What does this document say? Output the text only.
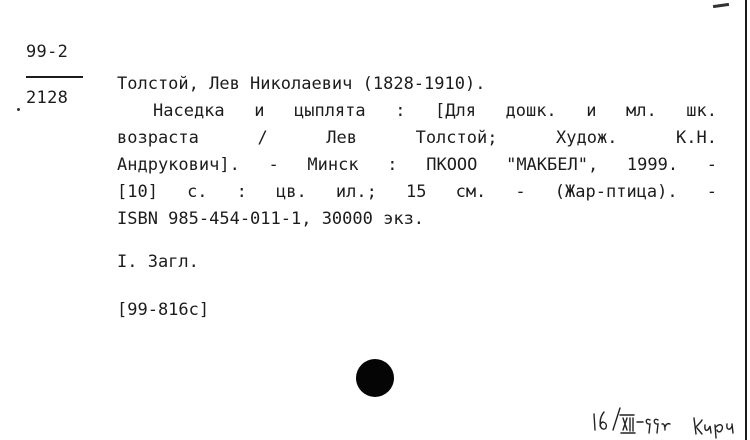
99-2
2128
Толстой, Лев Николаевич (1828-1910).
Наседка и цыплята : [Для дошк. и мл. шк.
возраста / Лев Толстой; Худож. К.Н.
Андрукович]. - Минск : ПКООО "МАКБЕЛ", 1999. -
[10] с. : цв. ил.; 15 см. - (Жар-птица). -
ISBN 985-454-011-1, 30000 экз.
I. Загл.
[99-816с]
